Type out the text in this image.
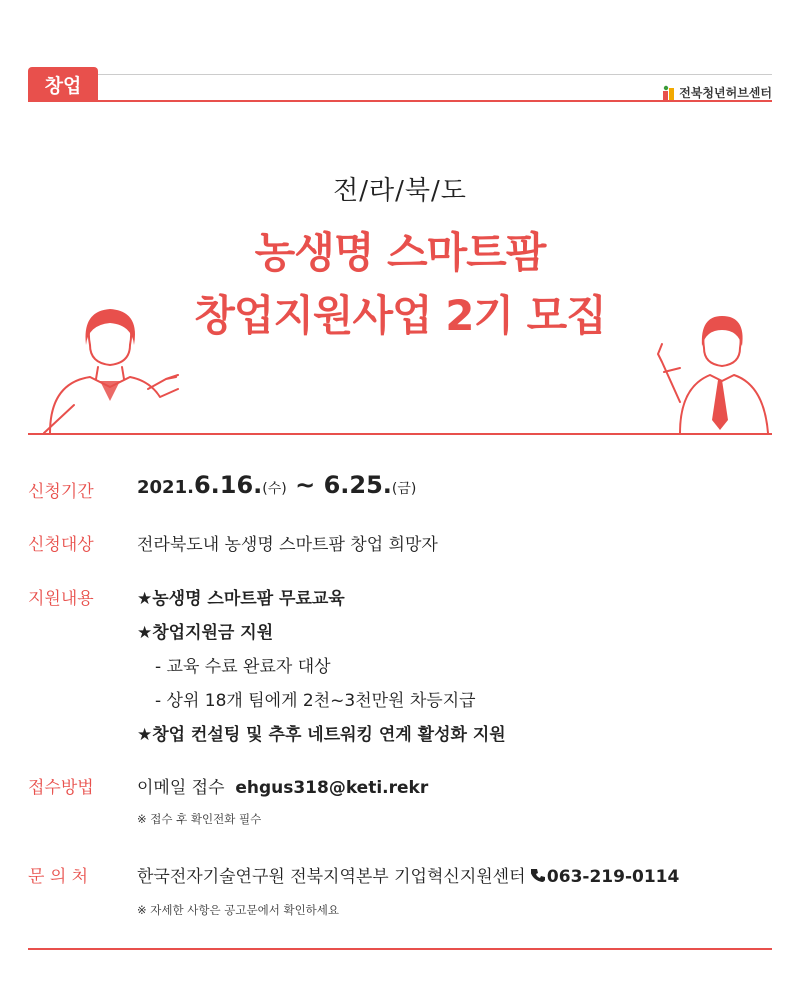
창업	전북청년허브센터
전/라/북/도
농생명 스마트팜
창업지원사업 2기 모집
신청기간 2021.6.16.(수) ~ 6.25.(금)
신청대상	전라북도내 농생명 스마트팜 창업 희망자
지원내용	★농생명 스마트팜 무료교육
★창업지원금 지원
- 교육 수료 완료자 대상
- 상위 18개 팀에게 2천~3천만원 차등지급
★창업 컨설팅 및 추후 네트워킹 연계 활성화 지원
접수방법	이메일 접수 ehgus318@keti.rekr
※ 접수 후 확인전화 필수
문 의 처	한국전자기술연구원 전북지역본부 기업혁신지원센터 063-219-0114
※ 자세한 사항은 공고문에서 확인하세요
